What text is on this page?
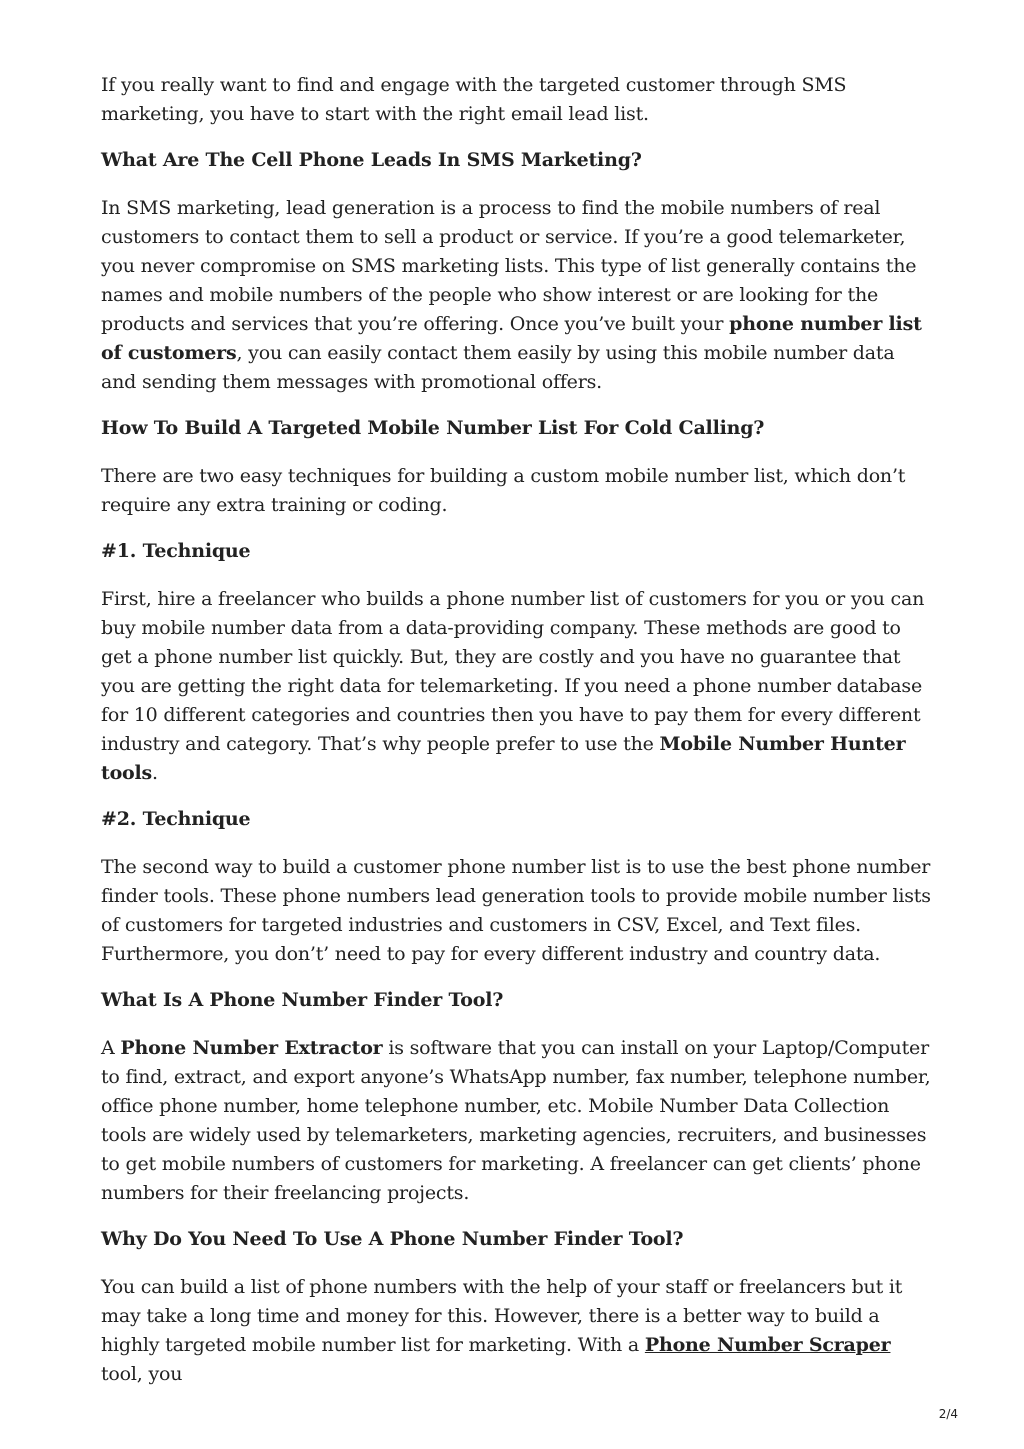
If you really want to find and engage with the targeted customer through SMS marketing, you have to start with the right email lead list.

What Are The Cell Phone Leads In SMS Marketing?

In SMS marketing, lead generation is a process to find the mobile numbers of real customers to contact them to sell a product or service. If you’re a good telemarketer, you never compromise on SMS marketing lists. This type of list generally contains the names and mobile numbers of the people who show interest or are looking for the products and services that you’re offering. Once you’ve built your phone number list of customers, you can easily contact them easily by using this mobile number data and sending them messages with promotional offers.

How To Build A Targeted Mobile Number List For Cold Calling?

There are two easy techniques for building a custom mobile number list, which don’t require any extra training or coding.

#1. Technique

First, hire a freelancer who builds a phone number list of customers for you or you can buy mobile number data from a data-providing company. These methods are good to get a phone number list quickly. But, they are costly and you have no guarantee that you are getting the right data for telemarketing. If you need a phone number database for 10 different categories and countries then you have to pay them for every different industry and category. That’s why people prefer to use the Mobile Number Hunter tools.

#2. Technique

The second way to build a customer phone number list is to use the best phone number finder tools. These phone numbers lead generation tools to provide mobile number lists of customers for targeted industries and customers in CSV, Excel, and Text files. Furthermore, you don’t’ need to pay for every different industry and country data.

What Is A Phone Number Finder Tool?

A Phone Number Extractor is software that you can install on your Laptop/Computer to find, extract, and export anyone’s WhatsApp number, fax number, telephone number, office phone number, home telephone number, etc. Mobile Number Data Collection tools are widely used by telemarketers, marketing agencies, recruiters, and businesses to get mobile numbers of customers for marketing. A freelancer can get clients’ phone numbers for their freelancing projects.

Why Do You Need To Use A Phone Number Finder Tool?

You can build a list of phone numbers with the help of your staff or freelancers but it may take a long time and money for this. However, there is a better way to build a highly targeted mobile number list for marketing. With a Phone Number Scraper tool, you

2/4
